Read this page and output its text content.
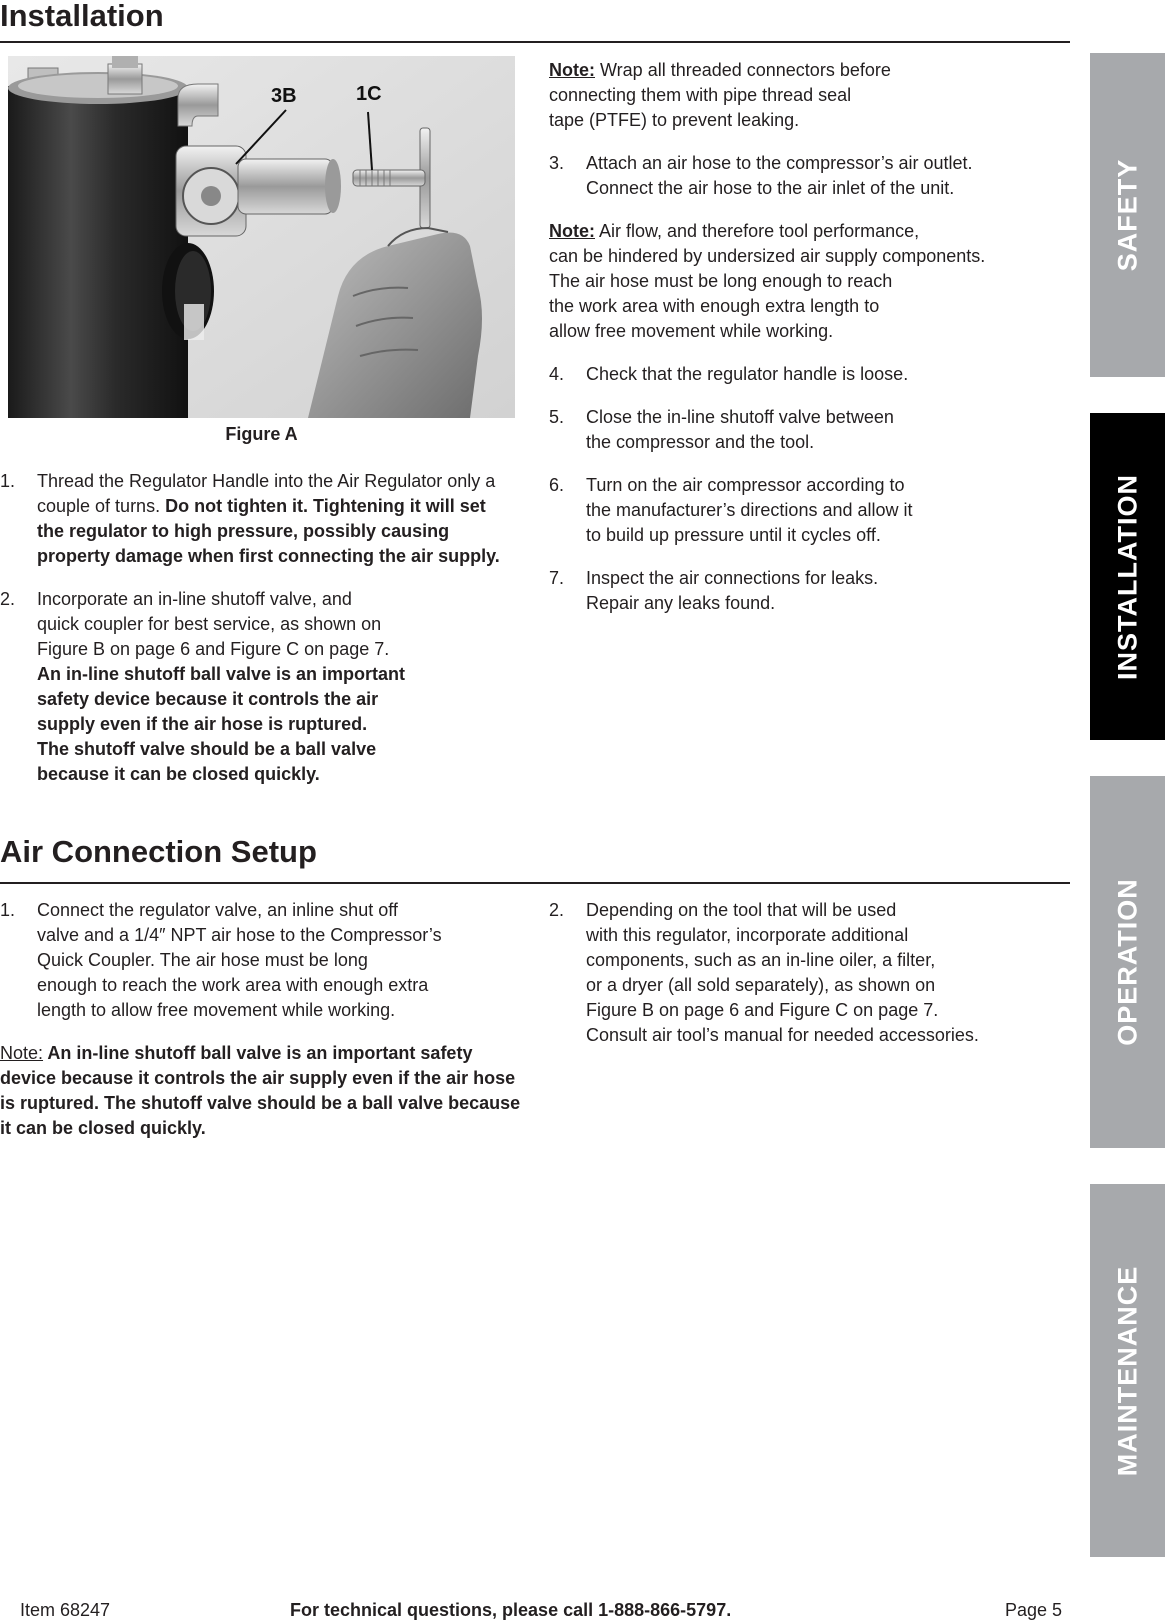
Installation
3B	1C
Figure A
1. Thread the Regulator Handle into the Air Regulator only a couple of turns. Do not tighten it. Tightening it will set the regulator to high pressure, possibly causing property damage when first connecting the air supply.
2. Incorporate an in-line shutoff valve, and
quick coupler for best service, as shown on
Figure B on page 6 and Figure C on page 7.
An in-line shutoff ball valve is an important
safety device because it controls the air
supply even if the air hose is ruptured.
The shutoff valve should be a ball valve
because it can be closed quickly.

Note: Wrap all threaded connectors before
connecting them with pipe thread seal
tape (PTFE) to prevent leaking.

3. Attach an air hose to the compressor’s air outlet.
Connect the air hose to the air inlet of the unit.

Note: Air flow, and therefore tool performance,
can be hindered by undersized air supply components.
The air hose must be long enough to reach
the work area with enough extra length to
allow free movement while working.

4. Check that the regulator handle is loose.
5. Close the in-line shutoff valve between
the compressor and the tool.
6. Turn on the air compressor according to
the manufacturer’s directions and allow it
to build up pressure until it cycles off.
7. Inspect the air connections for leaks.
Repair any leaks found.
Air Connection Setup
1. Connect the regulator valve, an inline shut off
valve and a 1/4″ NPT air hose to the Compressor’s
Quick Coupler. The air hose must be long
enough to reach the work area with enough extra
length to allow free movement while working.

Note: An in-line shutoff ball valve is an important safety device because it controls the air supply even if the air hose is ruptured. The shutoff valve should be a ball valve because it can be closed quickly.

2. Depending on the tool that will be used
with this regulator, incorporate additional
components, such as an in-line oiler, a filter,
or a dryer (all sold separately), as shown on
Figure B on page 6 and Figure C on page 7.
Consult air tool’s manual for needed accessories.
SAFETY
INSTALLATION
OPERATION
MAINTENANCE
Item 68247	For technical questions, please call 1-888-866-5797.	Page 5
